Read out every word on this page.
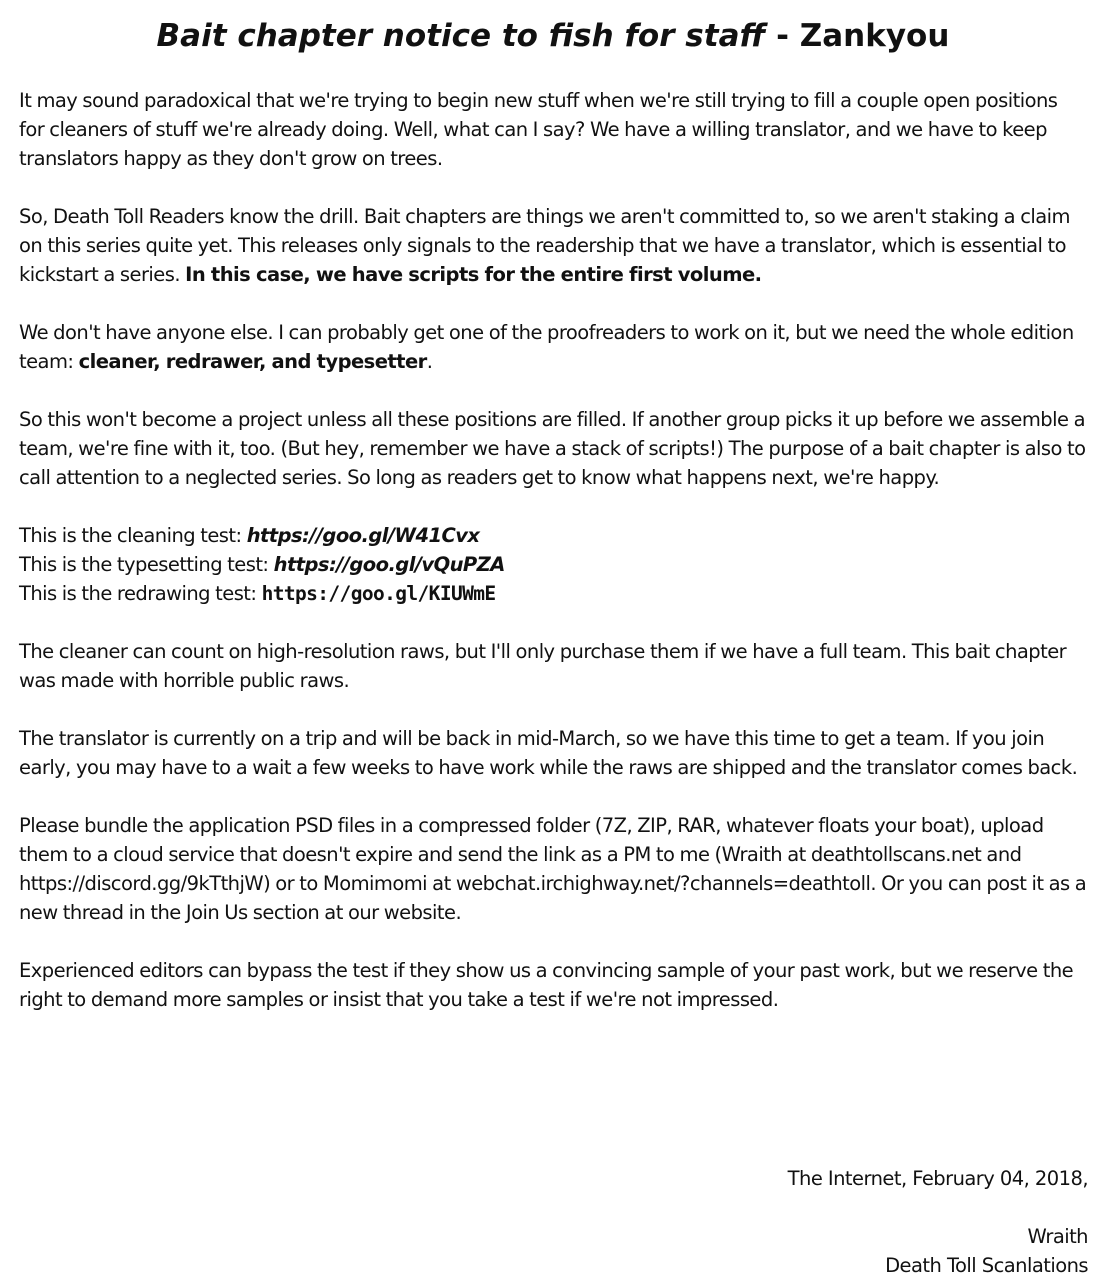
Bait chapter notice to fish for staff - Zankyou

It may sound paradoxical that we're trying to begin new stuff when we're still trying to fill a couple open positions for cleaners of stuff we're already doing. Well, what can I say? We have a willing translator, and we have to keep translators happy as they don't grow on trees.

So, Death Toll Readers know the drill. Bait chapters are things we aren't committed to, so we aren't staking a claim on this series quite yet. This releases only signals to the readership that we have a translator, which is essential to kickstart a series. In this case, we have scripts for the entire first volume.

We don't have anyone else. I can probably get one of the proofreaders to work on it, but we need the whole edition team: cleaner, redrawer, and typesetter.

So this won't become a project unless all these positions are filled. If another group picks it up before we assemble a team, we're fine with it, too. (But hey, remember we have a stack of scripts!) The purpose of a bait chapter is also to call attention to a neglected series. So long as readers get to know what happens next, we're happy.

This is the cleaning test: https://goo.gl/W41Cvx
This is the typesetting test: https://goo.gl/vQuPZA
This is the redrawing test: https://goo.gl/KIUWmE

The cleaner can count on high-resolution raws, but I'll only purchase them if we have a full team. This bait chapter was made with horrible public raws.

The translator is currently on a trip and will be back in mid-March, so we have this time to get a team. If you join early, you may have to a wait a few weeks to have work while the raws are shipped and the translator comes back.

Please bundle the application PSD files in a compressed folder (7Z, ZIP, RAR, whatever floats your boat), upload them to a cloud service that doesn't expire and send the link as a PM to me (Wraith at deathtollscans.net and https://discord.gg/9kTthjW) or to Momimomi at webchat.irchighway.net/?channels=deathtoll. Or you can post it as a new thread in the Join Us section at our website.

Experienced editors can bypass the test if they show us a convincing sample of your past work, but we reserve the right to demand more samples or insist that you take a test if we're not impressed.

The Internet, February 04, 2018,
Wraith
Death Toll Scanlations
